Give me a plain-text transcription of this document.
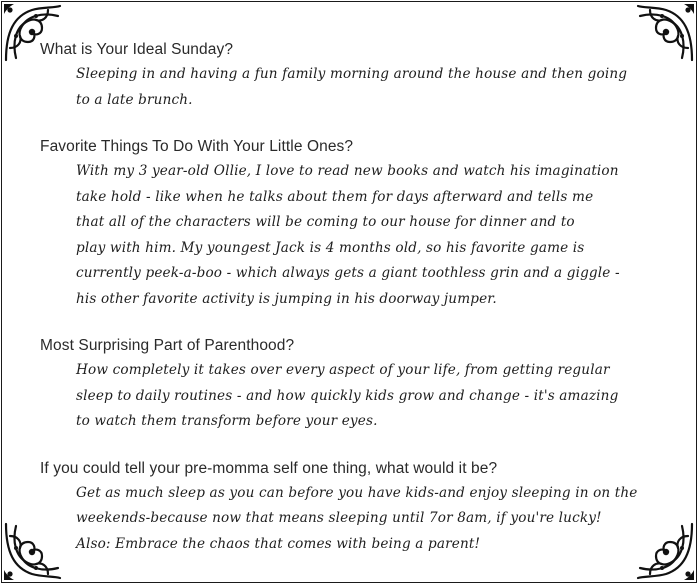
What is Your Ideal Sunday?

Sleeping in and having a fun family morning around the house and then going
to a late brunch.

Favorite Things To Do With Your Little Ones?

With my 3 year-old Ollie, I love to read new books and watch his imagination
take hold - like when he talks about them for days afterward and tells me
that all of the characters will be coming to our house for dinner and to
play with him. My youngest Jack is 4 months old, so his favorite game is
currently peek-a-boo - which always gets a giant toothless grin and a giggle -
his other favorite activity is jumping in his doorway jumper.

Most Surprising Part of Parenthood?

How completely it takes over every aspect of your life, from getting regular
sleep to daily routines - and how quickly kids grow and change - it's amazing
to watch them transform before your eyes.

If you could tell your pre-momma self one thing, what would it be?

Get as much sleep as you can before you have kids-and enjoy sleeping in on the
weekends-because now that means sleeping until 7or 8am, if you're lucky!
Also: Embrace the chaos that comes with being a parent!
